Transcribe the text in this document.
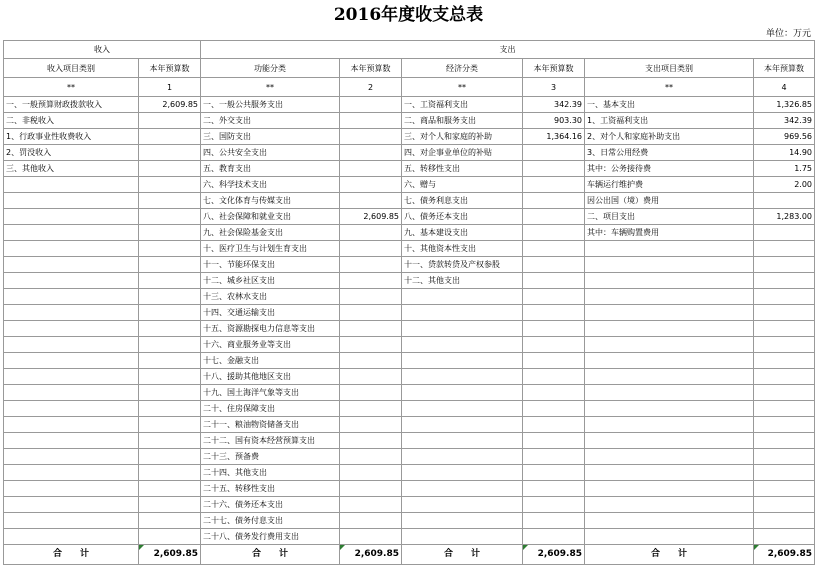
2016年度收支总表
单位：万元
收入		支出					
收入项目类别	本年预算数	功能分类	本年预算数	经济分类	本年预算数	支出项目类别	本年预算数
**	1	**	2	**	3	**	4
一、一般预算财政拨款收入	2,609.85	一、一般公共服务支出		一、工资福利支出	342.39	一、基本支出	1,326.85
二、非税收入		二、外交支出		二、商品和服务支出	903.30	1、工资福利支出	342.39
1、行政事业性收费收入		三、国防支出		三、对个人和家庭的补助	1,364.16	2、对个人和家庭补助支出	969.56
2、罚没收入		四、公共安全支出		四、对企事业单位的补贴		3、日常公用经费	14.90
三、其他收入		五、教育支出		五、转移性支出		其中：公务接待费	1.75
		六、科学技术支出		六、赠与		车辆运行维护费	2.00
		七、文化体育与传媒支出		七、债务利息支出		因公出国（境）费用	
		八、社会保障和就业支出	2,609.85	八、债务还本支出		二、项目支出	1,283.00
		九、社会保险基金支出		九、基本建设支出		其中：车辆购置费用	
		十、医疗卫生与计划生育支出		十、其他资本性支出			
		十一、节能环保支出		十一、贷款转贷及产权参股			
		十二、城乡社区支出		十二、其他支出			
		十三、农林水支出					
		十四、交通运输支出					
		十五、资源勘探电力信息等支出					
		十六、商业服务业等支出					
		十七、金融支出					
		十八、援助其他地区支出					
		十九、国土海洋气象等支出					
		二十、住房保障支出					
		二十一、粮油物资储备支出					
		二十二、国有资本经营预算支出					
		二十三、预备费					
		二十四、其他支出					
		二十五、转移性支出					
		二十六、债务还本支出					
		二十七、债务付息支出					
		二十八、债务发行费用支出					
合　　计	2,609.85	合　　计	2,609.85	合　　计	2,609.85	合　　计	2,609.85
